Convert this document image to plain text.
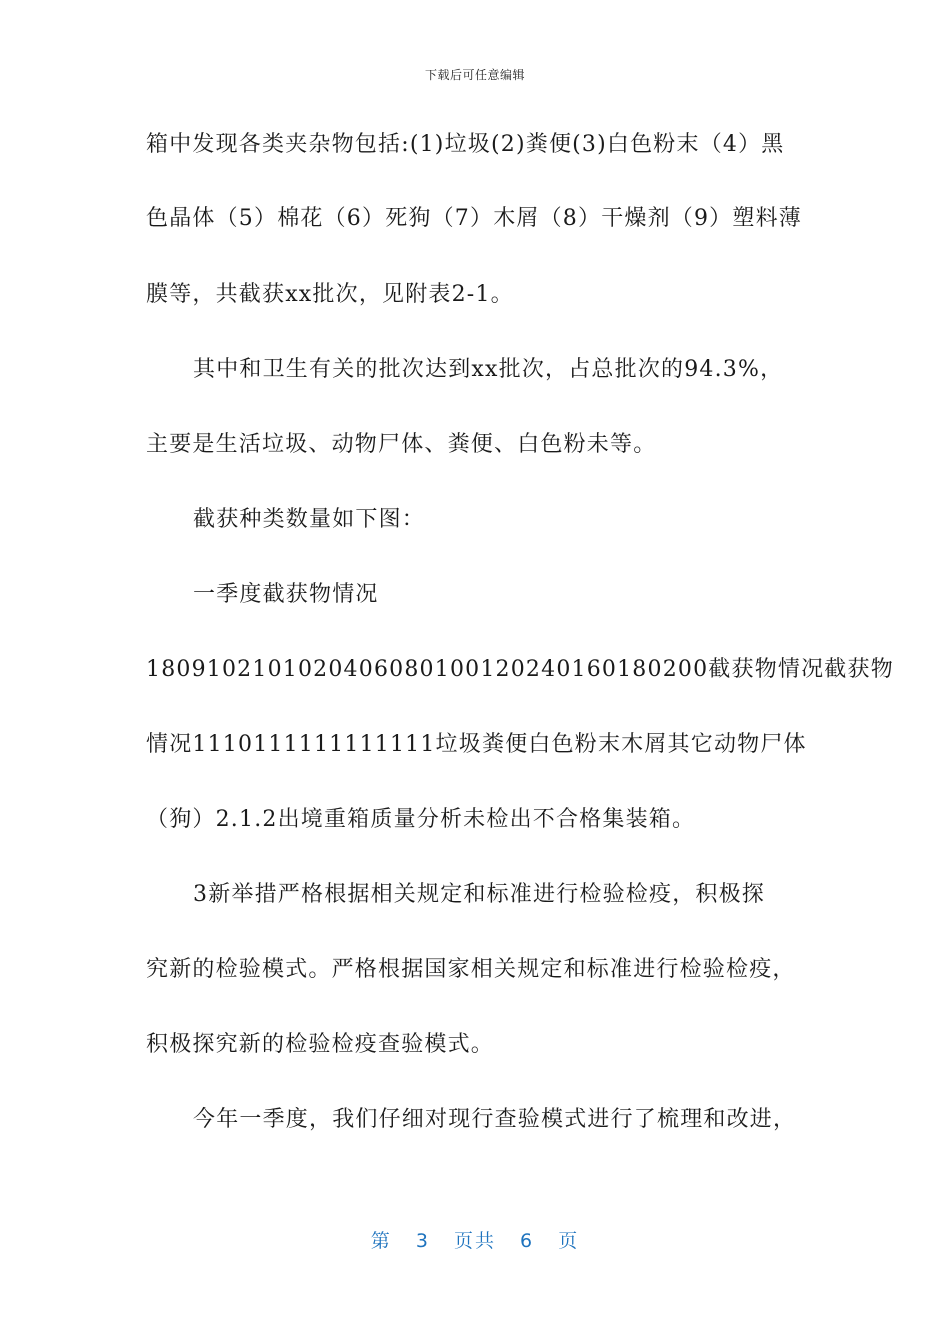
下载后可任意编辑
箱中发现各类夹杂物包括:(1)垃圾(2)粪便(3)白色粉末（4）黑
色晶体（5）棉花（6）死狗（7）木屑（8）干燥剂（9）塑料薄
膜等，共截获xx批次，见附表2-1。
其中和卫生有关的批次达到xx批次，占总批次的94.3%，
主要是生活垃圾、动物尸体、粪便、白色粉未等。
截获种类数量如下图：
一季度截获物情况
1809102101020406080100120240160180200截获物情况截获物
情况1110111111111111垃圾粪便白色粉末木屑其它动物尸体
（狗）2.1.2出境重箱质量分析未检出不合格集装箱。
3新举措严格根据相关规定和标准进行检验检疫，积极探
究新的检验模式。严格根据国家相关规定和标准进行检验检疫，
积极探究新的检验检疫查验模式。
今年一季度，我们仔细对现行查验模式进行了梳理和改进，
第 3 页共 6 页
